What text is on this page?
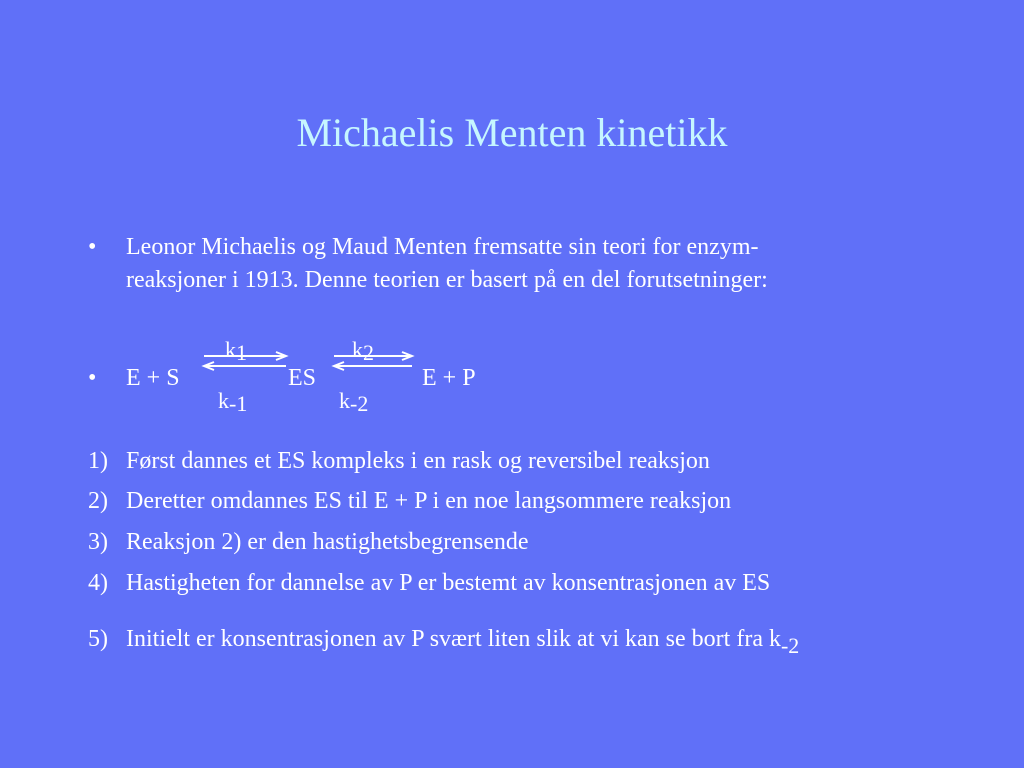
Michaelis Menten kinetikk
•	Leonor Michaelis og Maud Menten fremsatte sin teori for enzym-
reaksjoner i 1913. Denne teorien er basert på en del forutsetninger:
• E + S	ES	E + P
k1
k-1
k2
k-2
1) Først dannes et ES kompleks i en rask og reversibel reaksjon
2) Deretter omdannes ES til E + P i en noe langsommere reaksjon
3) Reaksjon 2) er den hastighetsbegrensende
4) Hastigheten for dannelse av P er bestemt av konsentrasjonen av ES
5) Initielt er konsentrasjonen av P svært liten slik at vi kan se bort fra k-2
